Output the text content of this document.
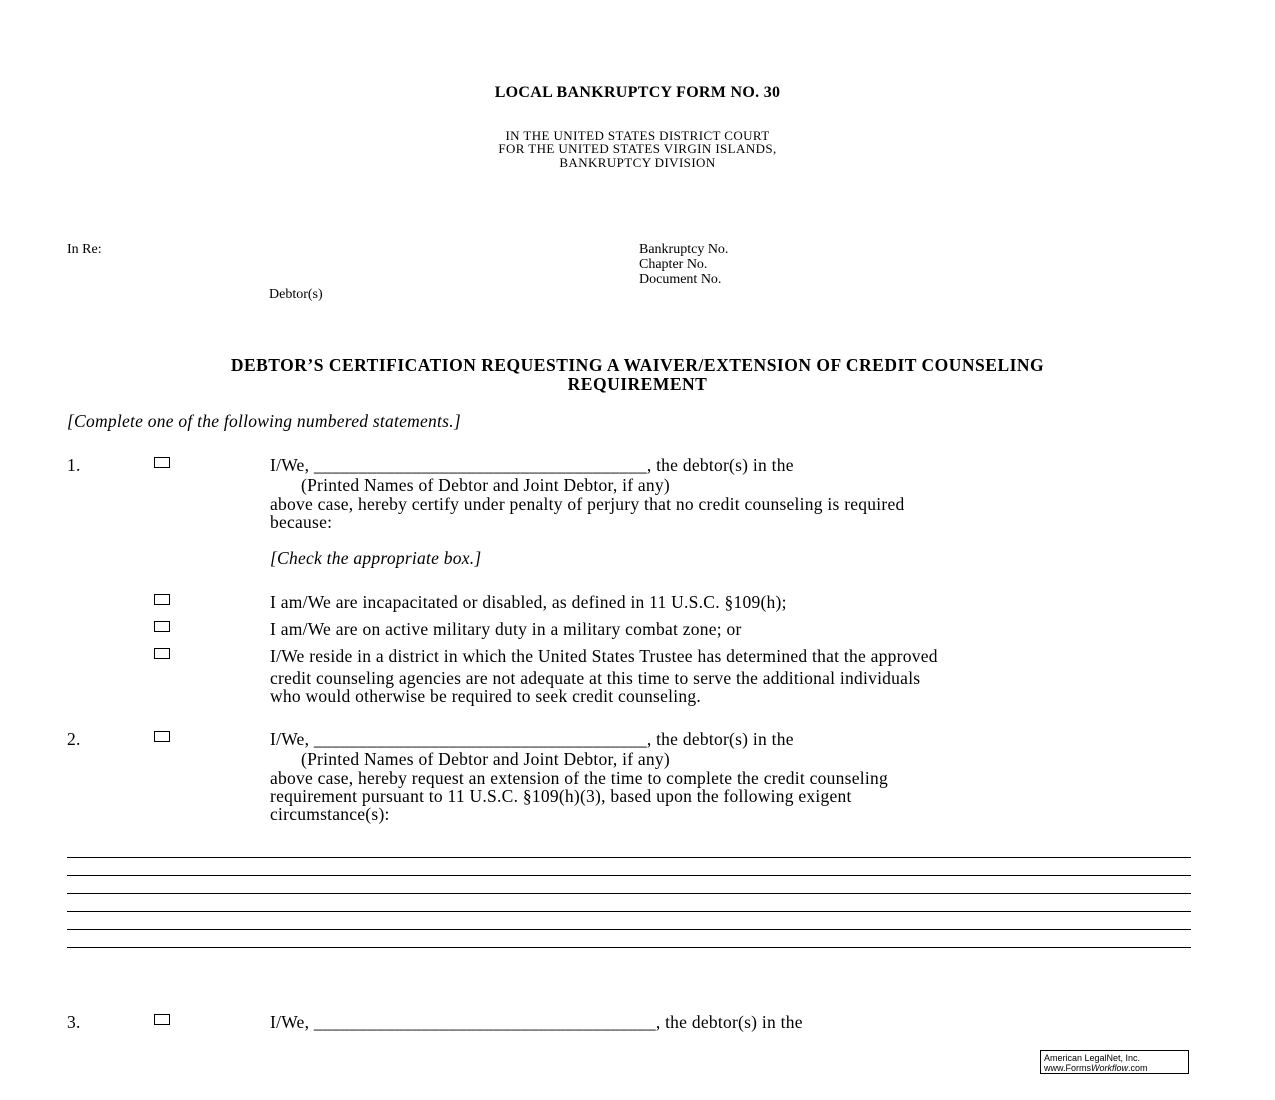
LOCAL BANKRUPTCY FORM NO. 30
IN THE UNITED STATES DISTRICT COURT
FOR THE UNITED STATES VIRGIN ISLANDS,
BANKRUPTCY DIVISION
In Re:
Debtor(s)
Bankruptcy No.
Chapter No.
Document No.
DEBTOR’S CERTIFICATION REQUESTING A WAIVER/EXTENSION OF CREDIT COUNSELING
REQUIREMENT
[Complete one of the following numbered statements.]
1.	I/We, _____________________________________, the debtor(s) in the
(Printed Names of Debtor and Joint Debtor, if any)
above case, hereby certify under penalty of perjury that no credit counseling is required
because:
[Check the appropriate box.]
I am/We are incapacitated or disabled, as defined in 11 U.S.C. §109(h);
I am/We are on active military duty in a military combat zone; or
I/We reside in a district in which the United States Trustee has determined that the approved
credit counseling agencies are not adequate at this time to serve the additional individuals
who would otherwise be required to seek credit counseling.
2.	I/We, _____________________________________, the debtor(s) in the
(Printed Names of Debtor and Joint Debtor, if any)
above case, hereby request an extension of the time to complete the credit counseling
requirement pursuant to 11 U.S.C. §109(h)(3), based upon the following exigent
circumstance(s):
3.	I/We, ______________________________________, the debtor(s) in the
American LegalNet, Inc.
www.FormsWorkflow.com
